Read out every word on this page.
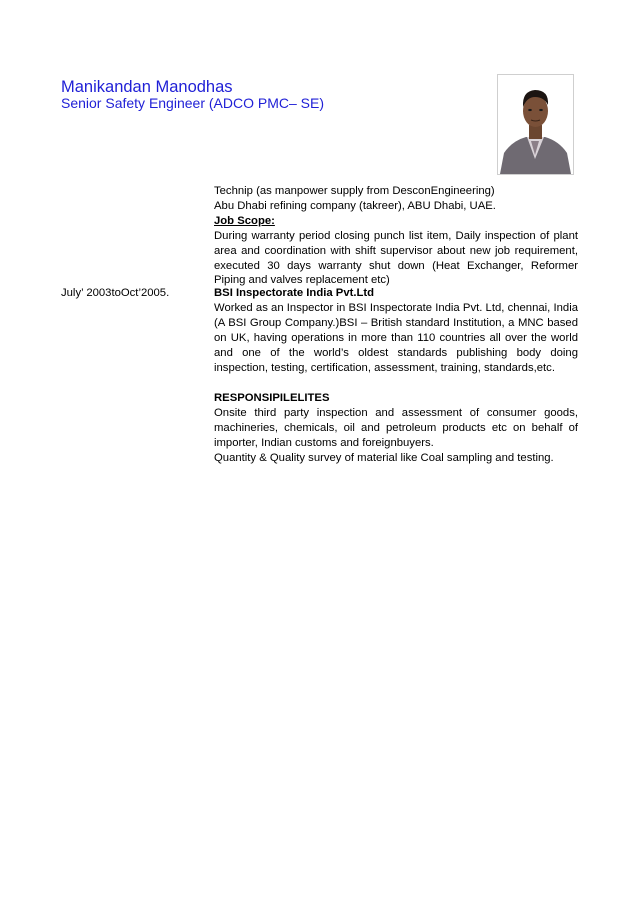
Manikandan Manodhas
Senior Safety Engineer (ADCO PMC– SE)

Technip (as manpower supply from DesconEngineering)

Abu Dhabi refining company (takreer), ABU Dhabi, UAE.

Job Scope:

During warranty period closing punch list item, Daily inspection of plant area and coordination with shift supervisor about new job requirement, executed 30 days warranty shut down (Heat Exchanger, Reformer Piping and valves replacement etc)

July’ 2003toOct’2005.	BSI Inspectorate India Pvt.Ltd

Worked as an Inspector in BSI Inspectorate India Pvt. Ltd, chennai, India (A BSI Group Company.)BSI – British standard Institution, a MNC based on UK, having operations in more than 110 countries all over the world and one of the world’s oldest standards publishing body doing inspection, testing, certification, assessment, training, standards,etc.

RESPONSIPILELITES

Onsite third party inspection and assessment of consumer goods, machineries, chemicals, oil and petroleum products etc on behalf of importer, Indian customs and foreignbuyers.

Quantity & Quality survey of material like Coal sampling and testing.
